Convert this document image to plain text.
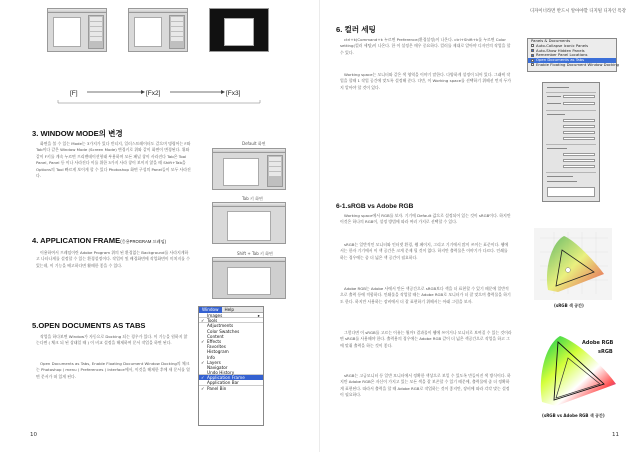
[F]	[Fx2]	[Fx3]
3. WINDOW MODE의 변경

화면을 볼 수 있는 Mode는 3가지가 있다 빈티지, 일러스트레이터도 같으며 명령어는 F와 Tab이다 같은 Window Mode (Screen Mode) 변경키로 위와 같이 화면이 변경된다. 위와 같이 F키를 계속 누르면 프리젠테이션형태 부용하며 모든 패널 창이 사라진다 Tab은 Tool Panel, Panel 등 이나 사라진다 이를 위한 3가지 사라 창이 보이지 않을 때 Shift+Tab을 Options의 Tool 빠르게 보이게 할 수 있다 Photoshop 화면 구성의 Panel들이 모두 사라진다.

Default 화면
Tab 키 화면
4. APPLICATION FRAME(응용PROGRAM 프레임)

이용하여서 프레임이란 Adobe Program 위의 된 환경없는 Background를 사라지게하고 나타나게를 설정할 수 있는 환경설정이다. 작업이 및 배경화면에 작업화면이 미치지를 수 있는데, 이 기능을 배고하다면 활때한 좋을 수 있다.

Shift + Tab 키 화면
Window	Help
Images	▸
✓ Tools
Adjustments
Color Swatches
Content
✓ Effects
Favorites
Histogram
Info
✓ Layers
Navigator
Undo History
✓ Application Frame
Application Bar
✓ Panel Bin
5.OPEN DOCUMENTS AS TABS

작업을 하다보면 Window가 자동으로 Docking 되는 경우가 있다. 이 기능을 원하지 않는다면 ( 체크 되 된 상태일 때 ) 이 비교 설정을 해제하여 문서 작업을 하면 된다.

Open Documents as Tabs, Enable Floating Document Window Docking의 체크는 Photoshop ( menu ) Preferences ( Interface에서, 이것을 해제한 후에 새 문서를 열면 문서가 떠 있게 된다.

10
디자이너라면 반드시 알아야할 디지털 디자인 특강
6. 컬러 세팅

ctrl+k(Command+k 누르면 Preference(환경설정)이 나온다. ctrl+Shift+k를 누르면 Color setting(컬러 세팅)이 나온다. 한 이 설정은 매우 중요하다. 컬러를 제대로 알아야 디자인의 작업을 할 수 있다.

Working space는 모니터와 같은 색 영역을 이야기 말한다. 다양하게 설정이 되어 있다. 그래픽 작업을 할때 1 작업 공간에 맞도록 설정해 준다. 다만, 이 Working space를 선택하기 위해선 먼저 두가지 알아야 할 것이 있다.

Panels & Documents
Auto-Collapse Iconic Panels
Auto-Show Hidden Panels
Remember Panel Locations
Open Documents as Tabs
Enable Floating Document Window Docking
6-1.sRGB vs Adobe RGB

Working space에서 RGB를 보자. 기기에 Default 값으로 설정되어 있는 것이 sRGB이다. 하지만 이것은 하나의 RGB이, 설정 방법에 따라 여러 가지로 선택할 수 있다.

sRGB는 일반적인 모니터와 인터넷 환경, 웹 페이지, 그리고 기기에서 많이 쓰이는 표준이다. 웹에서는 한자 기기에서 이 색 공간은 크게 문제 될 것이 없다. 하지만 출력물은 이야기가 다르다. 인쇄를 하는 경우에는 좀 더 넓은 색 공간이 필요하다.

Adobe RGB는 Adobe 사에서 만든 색공간으로 sRGB보다 색을 더 표현할 수 있기 때문에 일반적으로 출력 등에 적합하다. 인쇄물을 작업할 때는 Adobe RGB로 모니터가 더 잘 맞으며 출력물을 하기도 한다. 하지만 사용하는 장비에서 더 잘 표현하기 위해서는 아래 그림을 보자.

그렇다면 이 sRGB를 고르는 이유는 뭘까? 결과물이 웹에 쓰이거나 모니터로 보여질 수 있는 것이라면 sRGB를 사용해야 한다. 출력용의 경우에는 Adobe RGB 같이 더 넓은 색공간으로 작업을 하고 그에 맞춰 출력을 하는 것이 좋다.

sRGB는 고급모니터 등 일반 모니터에서 정확한 색상으로 보일 수 있도록 만들어진 색 방식이다. 하지만 Adobe RGB은 자신이 가지고 있는 모든 색을 잘 보존할 수 있기 때문에, 출력물에 좀 더 정확하게 표현된다. 따라서 출력을 할 때 Adobe RGB로 작업하는 것이 좋지만, 장비에 따라 각각 맞는 설정이 필요하다.

(sRGB 색 공간)
Adobe RGB
sRGB
(sRGB vs Adobe RGB 색 공간)
11
